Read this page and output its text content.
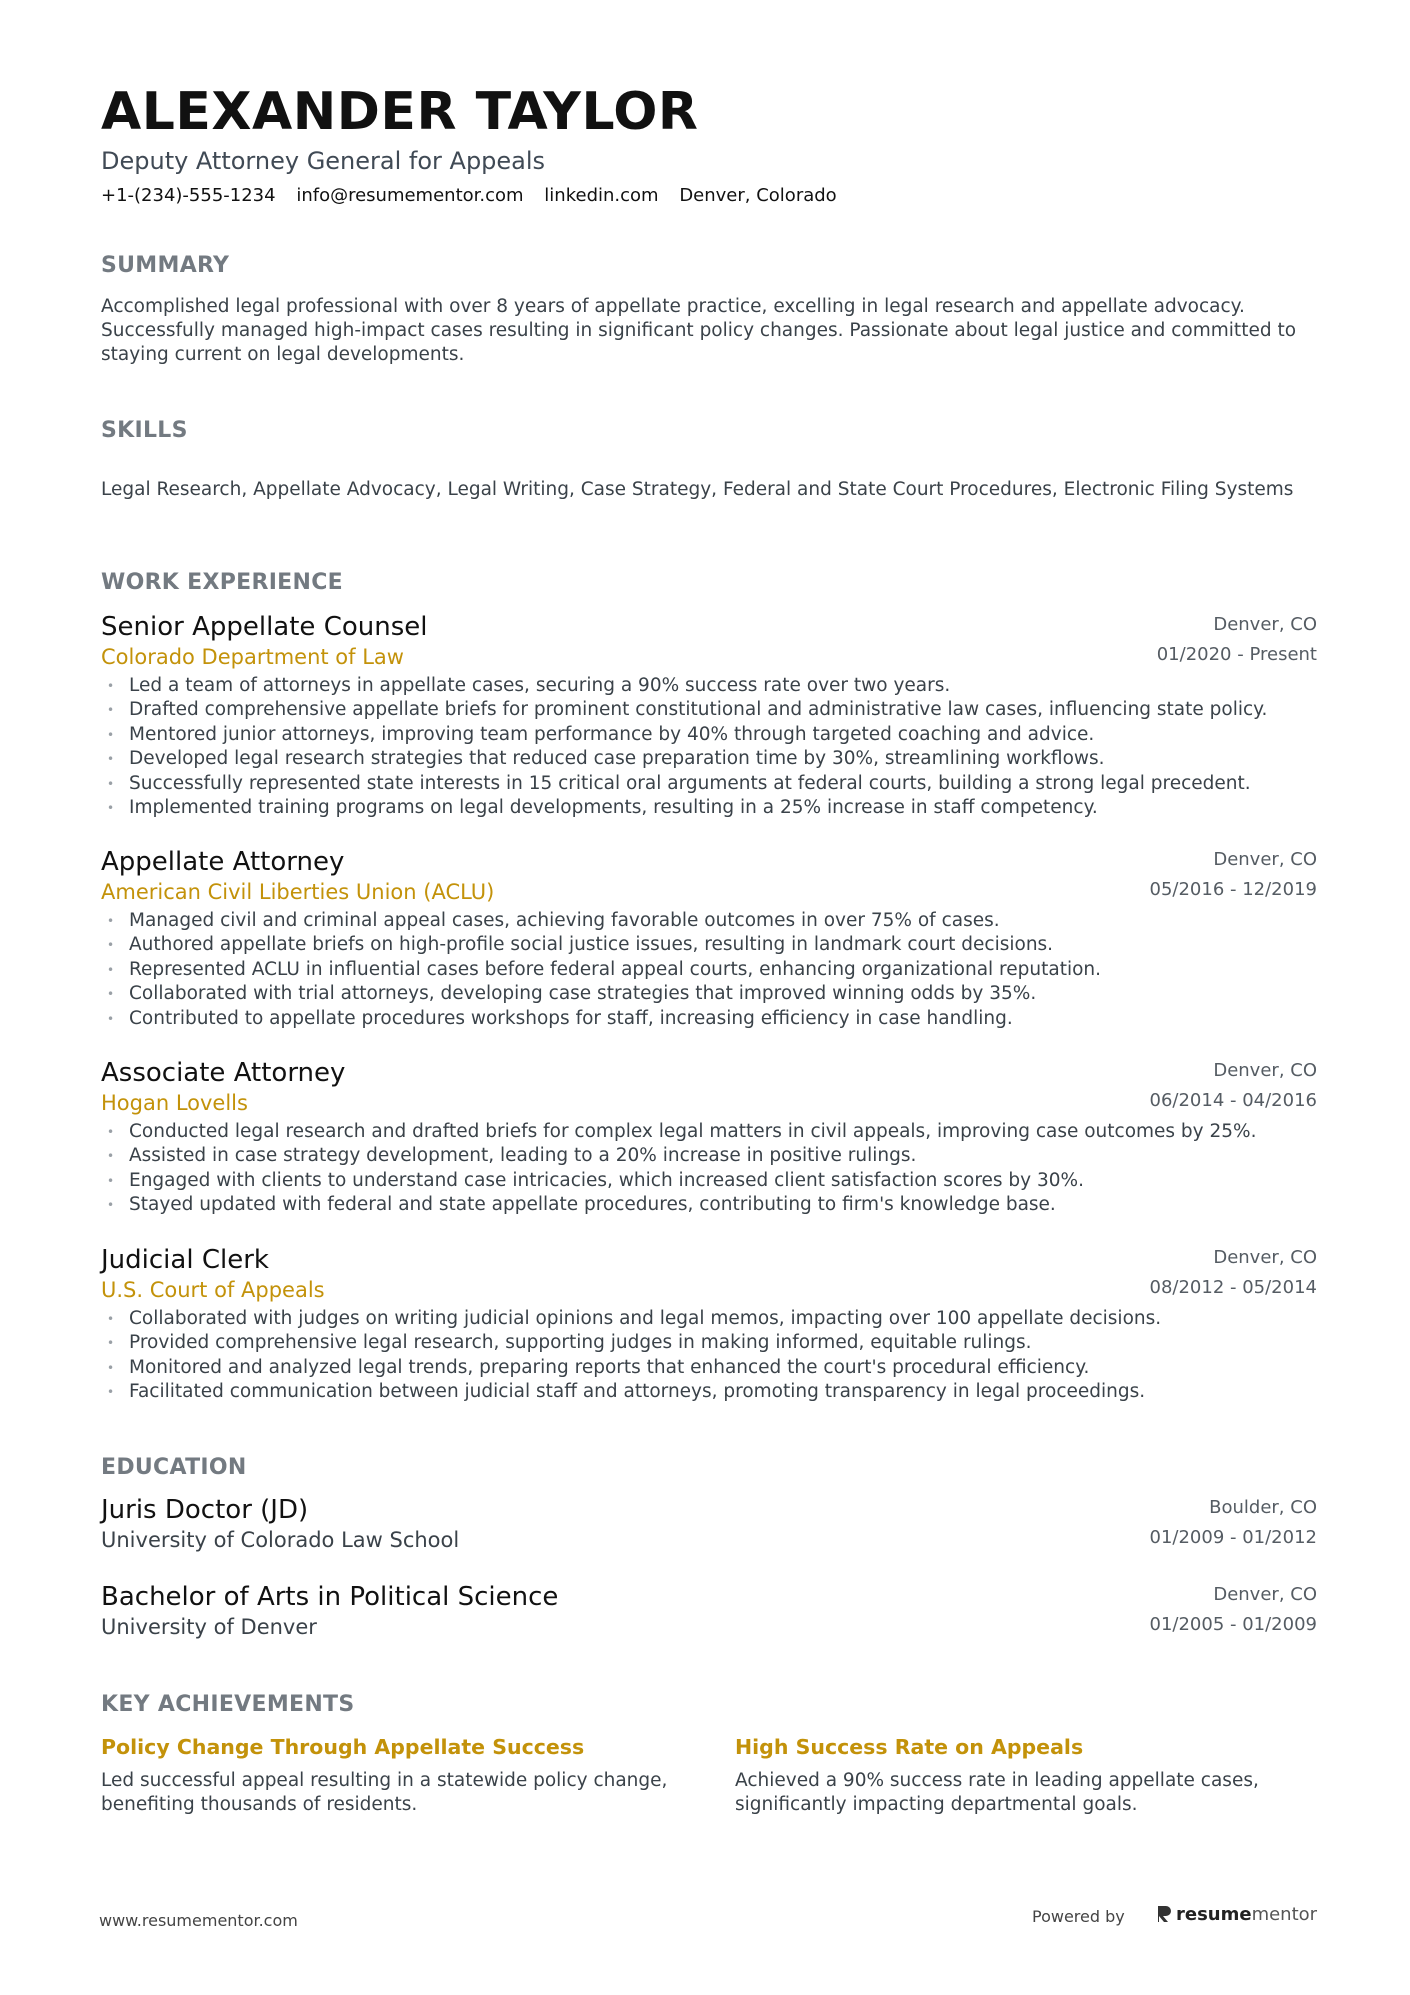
ALEXANDER TAYLOR
Deputy Attorney General for Appeals
+1-(234)-555-1234 info@resumementor.com linkedin.com Denver, Colorado
SUMMARY
Accomplished legal professional with over 8 years of appellate practice, excelling in legal research and appellate advocacy. Successfully managed high-impact cases resulting in significant policy changes. Passionate about legal justice and committed to staying current on legal developments.
SKILLS
Legal Research, Appellate Advocacy, Legal Writing, Case Strategy, Federal and State Court Procedures, Electronic Filing Systems
WORK EXPERIENCE
Senior Appellate Counsel
Colorado Department of Law
Denver, CO
01/2020 - Present
• Led a team of attorneys in appellate cases, securing a 90% success rate over two years.
• Drafted comprehensive appellate briefs for prominent constitutional and administrative law cases, influencing state policy.
• Mentored junior attorneys, improving team performance by 40% through targeted coaching and advice.
• Developed legal research strategies that reduced case preparation time by 30%, streamlining workflows.
• Successfully represented state interests in 15 critical oral arguments at federal courts, building a strong legal precedent.
• Implemented training programs on legal developments, resulting in a 25% increase in staff competency.
Appellate Attorney
American Civil Liberties Union (ACLU)
Denver, CO
05/2016 - 12/2019
• Managed civil and criminal appeal cases, achieving favorable outcomes in over 75% of cases.
• Authored appellate briefs on high-profile social justice issues, resulting in landmark court decisions.
• Represented ACLU in influential cases before federal appeal courts, enhancing organizational reputation.
• Collaborated with trial attorneys, developing case strategies that improved winning odds by 35%.
• Contributed to appellate procedures workshops for staff, increasing efficiency in case handling.
Associate Attorney
Hogan Lovells
Denver, CO
06/2014 - 04/2016
• Conducted legal research and drafted briefs for complex legal matters in civil appeals, improving case outcomes by 25%.
• Assisted in case strategy development, leading to a 20% increase in positive rulings.
• Engaged with clients to understand case intricacies, which increased client satisfaction scores by 30%.
• Stayed updated with federal and state appellate procedures, contributing to firm's knowledge base.
Judicial Clerk
U.S. Court of Appeals
Denver, CO
08/2012 - 05/2014
• Collaborated with judges on writing judicial opinions and legal memos, impacting over 100 appellate decisions.
• Provided comprehensive legal research, supporting judges in making informed, equitable rulings.
• Monitored and analyzed legal trends, preparing reports that enhanced the court's procedural efficiency.
• Facilitated communication between judicial staff and attorneys, promoting transparency in legal proceedings.
EDUCATION
Juris Doctor (JD)
University of Colorado Law School
Boulder, CO
01/2009 - 01/2012
Bachelor of Arts in Political Science
University of Denver
Denver, CO
01/2005 - 01/2009
KEY ACHIEVEMENTS
Policy Change Through Appellate Success
Led successful appeal resulting in a statewide policy change, benefiting thousands of residents.
High Success Rate on Appeals
Achieved a 90% success rate in leading appellate cases, significantly impacting departmental goals.
www.resumementor.com	Powered by	resumementor
